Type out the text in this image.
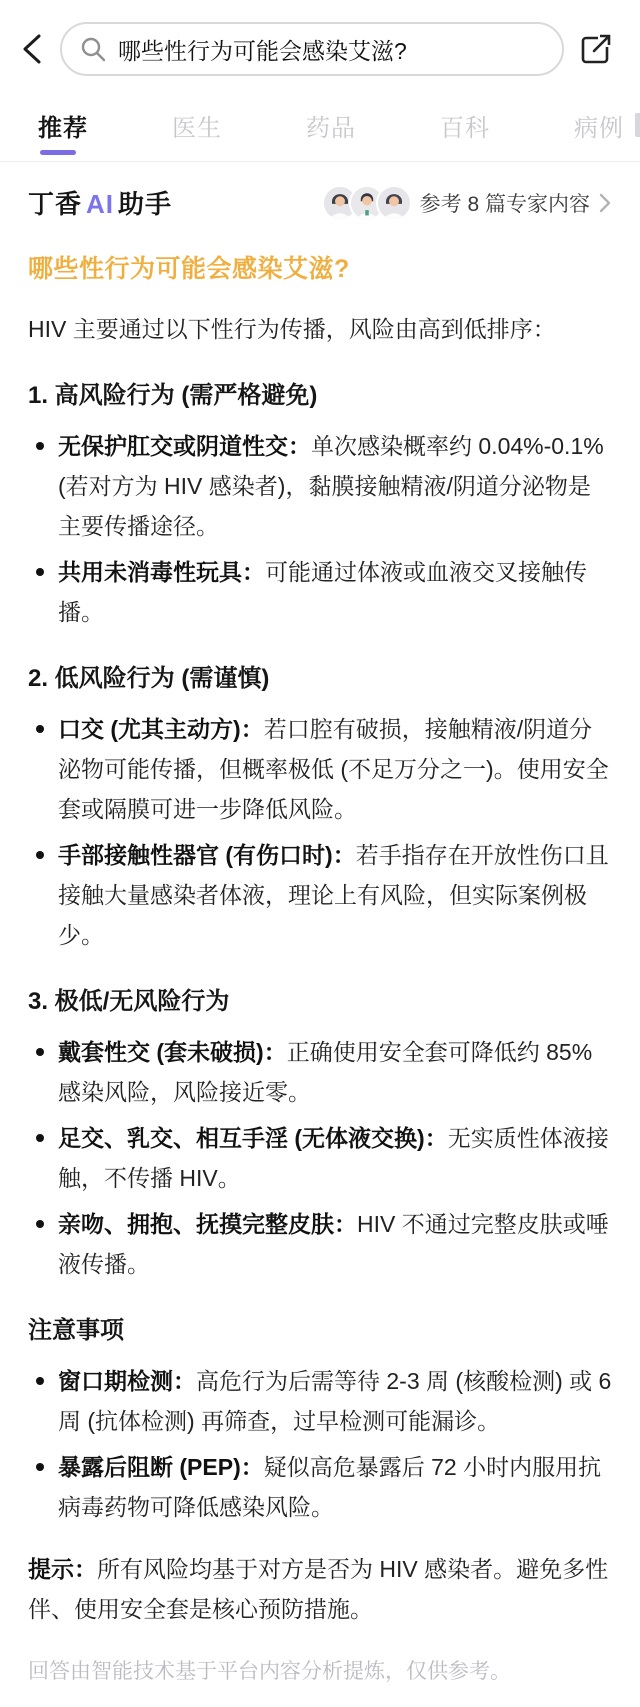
哪些性行为可能会感染艾滋?
推荐	医生	药品	百科	病例
丁香 AI 助手	参考 8 篇专家内容
哪些性行为可能会感染艾滋?

HIV 主要通过以下性行为传播，风险由高到低排序：

1. 高风险行为 (需严格避免)
无保护肛交或阴道性交：单次感染概率约 0.04%-0.1% (若对方为 HIV 感染者)，黏膜接触精液/阴道分泌物是主要传播途径。
共用未消毒性玩具：可能通过体液或血液交叉接触传播。
2. 低风险行为 (需谨慎)
口交 (尤其主动方)：若口腔有破损，接触精液/阴道分泌物可能传播，但概率极低 (不足万分之一)。使用安全套或隔膜可进一步降低风险。
手部接触性器官 (有伤口时)：若手指存在开放性伤口且接触大量感染者体液，理论上有风险，但实际案例极少。
3. 极低/无风险行为
戴套性交 (套未破损)：正确使用安全套可降低约 85% 感染风险，风险接近零。
足交、乳交、相互手淫 (无体液交换)：无实质性体液接触，不传播 HIV。
亲吻、拥抱、抚摸完整皮肤：HIV 不通过完整皮肤或唾液传播。
注意事项
窗口期检测：高危行为后需等待 2-3 周 (核酸检测) 或 6 周 (抗体检测) 再筛查，过早检测可能漏诊。
暴露后阻断 (PEP)：疑似高危暴露后 72 小时内服用抗病毒药物可降低感染风险。

提示：所有风险均基于对方是否为 HIV 感染者。避免多性伴、使用安全套是核心预防措施。

回答由智能技术基于平台内容分析提炼，仅供参考。
